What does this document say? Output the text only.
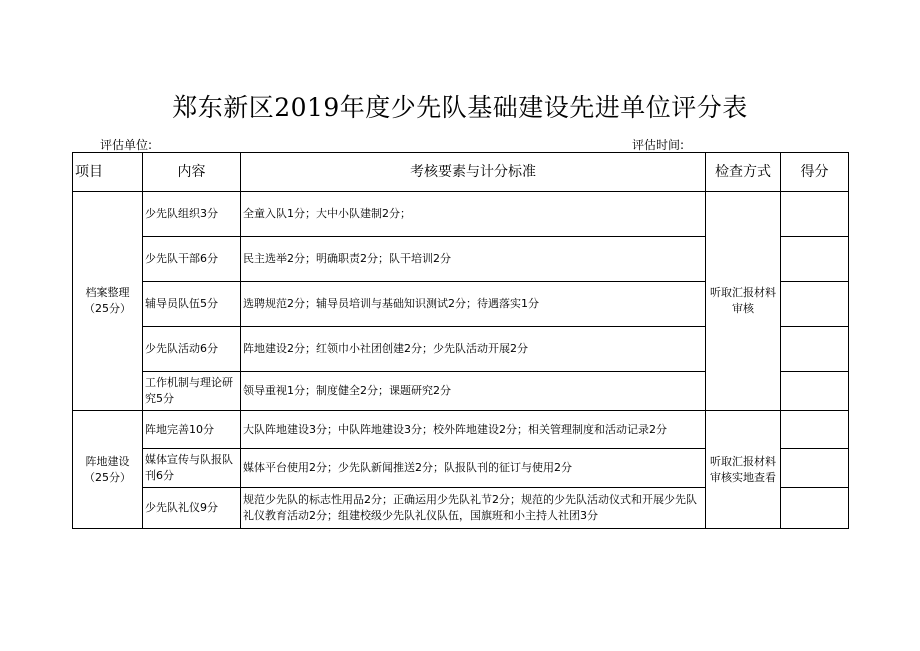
郑东新区2019年度少先队基础建设先进单位评分表
评估单位:	评估时间:
项目	内容	考核要素与计分标准	检查方式	得分
档案整理（25分）	少先队组织3分	全童入队1分；大中小队建制2分；	听取汇报材料审核	
	少先队干部6分	民主选举2分；明确职责2分；队干培训2分		
	辅导员队伍5分	选聘规范2分；辅导员培训与基础知识测试2分；待遇落实1分		
	少先队活动6分	阵地建设2分；红领巾小社团创建2分；少先队活动开展2分		
	工作机制与理论研究5分	领导重视1分；制度健全2分；课题研究2分		
阵地建设（25分）	阵地完善10分	大队阵地建设3分；中队阵地建设3分；校外阵地建设2分；相关管理制度和活动记录2分	听取汇报材料审核实地查看	
	媒体宣传与队报队刊6分	媒体平台使用2分；少先队新闻推送2分；队报队刊的征订与使用2分		
	少先队礼仪9分	规范少先队的标志性用品2分；正确运用少先队礼节2分；规范的少先队活动仪式和开展少先队礼仪教育活动2分；组建校级少先队礼仪队伍，国旗班和小主持人社团3分		
